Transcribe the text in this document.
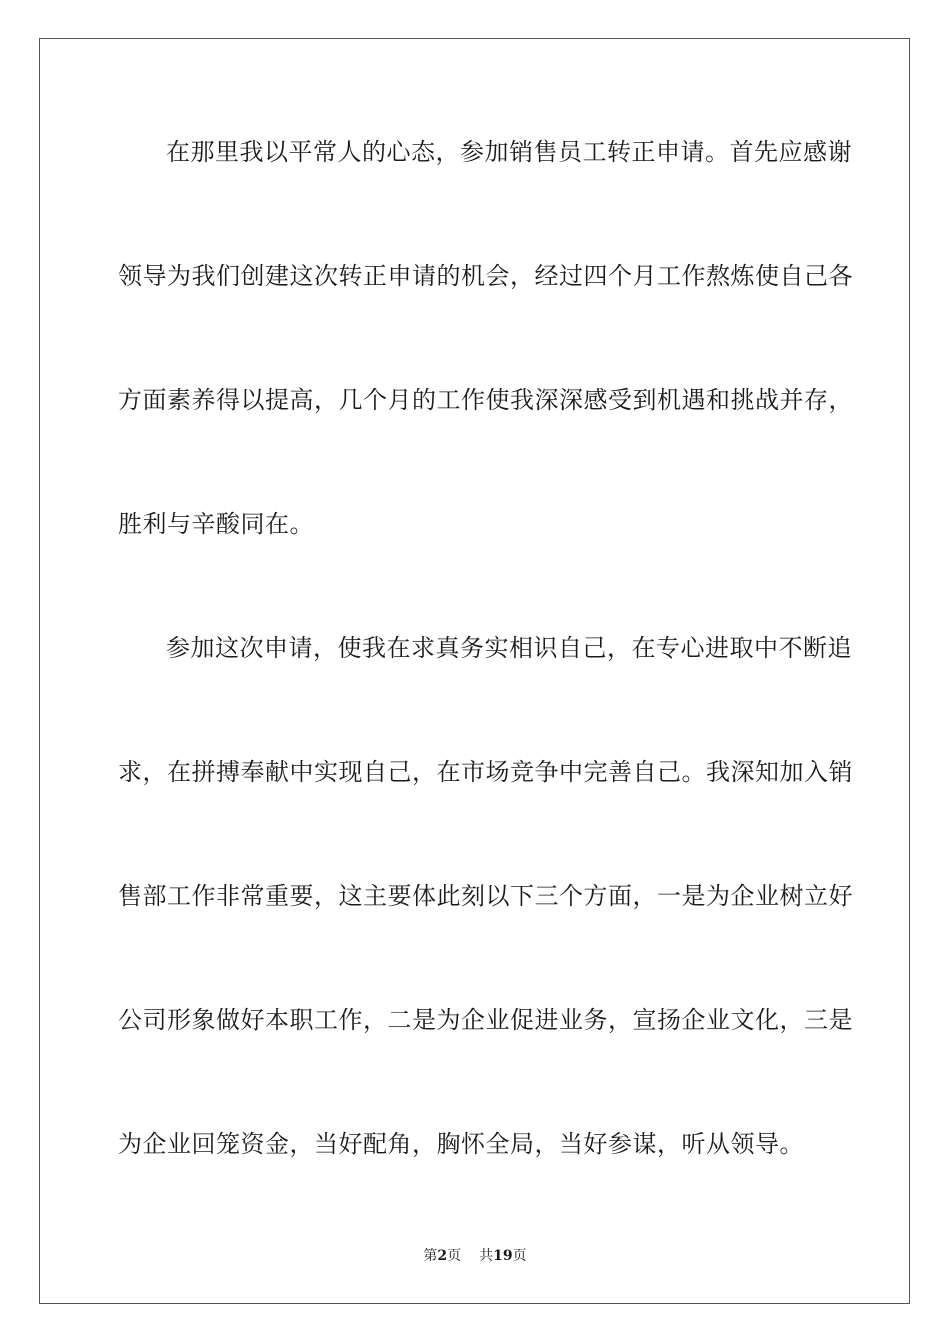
在那里我以平常人的心态，参加销售员工转正申请。首先应感谢
领导为我们创建这次转正申请的机会，经过四个月工作熬炼使自己各
方面素养得以提高，几个月的工作使我深深感受到机遇和挑战并存，
胜利与辛酸同在。
参加这次申请，使我在求真务实相识自己，在专心进取中不断追
求，在拼搏奉献中实现自己，在市场竞争中完善自己。我深知加入销
售部工作非常重要，这主要体此刻以下三个方面，一是为企业树立好
公司形象做好本职工作，二是为企业促进业务，宣扬企业文化，三是
为企业回笼资金，当好配角，胸怀全局，当好参谋，听从领导。
第2页 共19页
